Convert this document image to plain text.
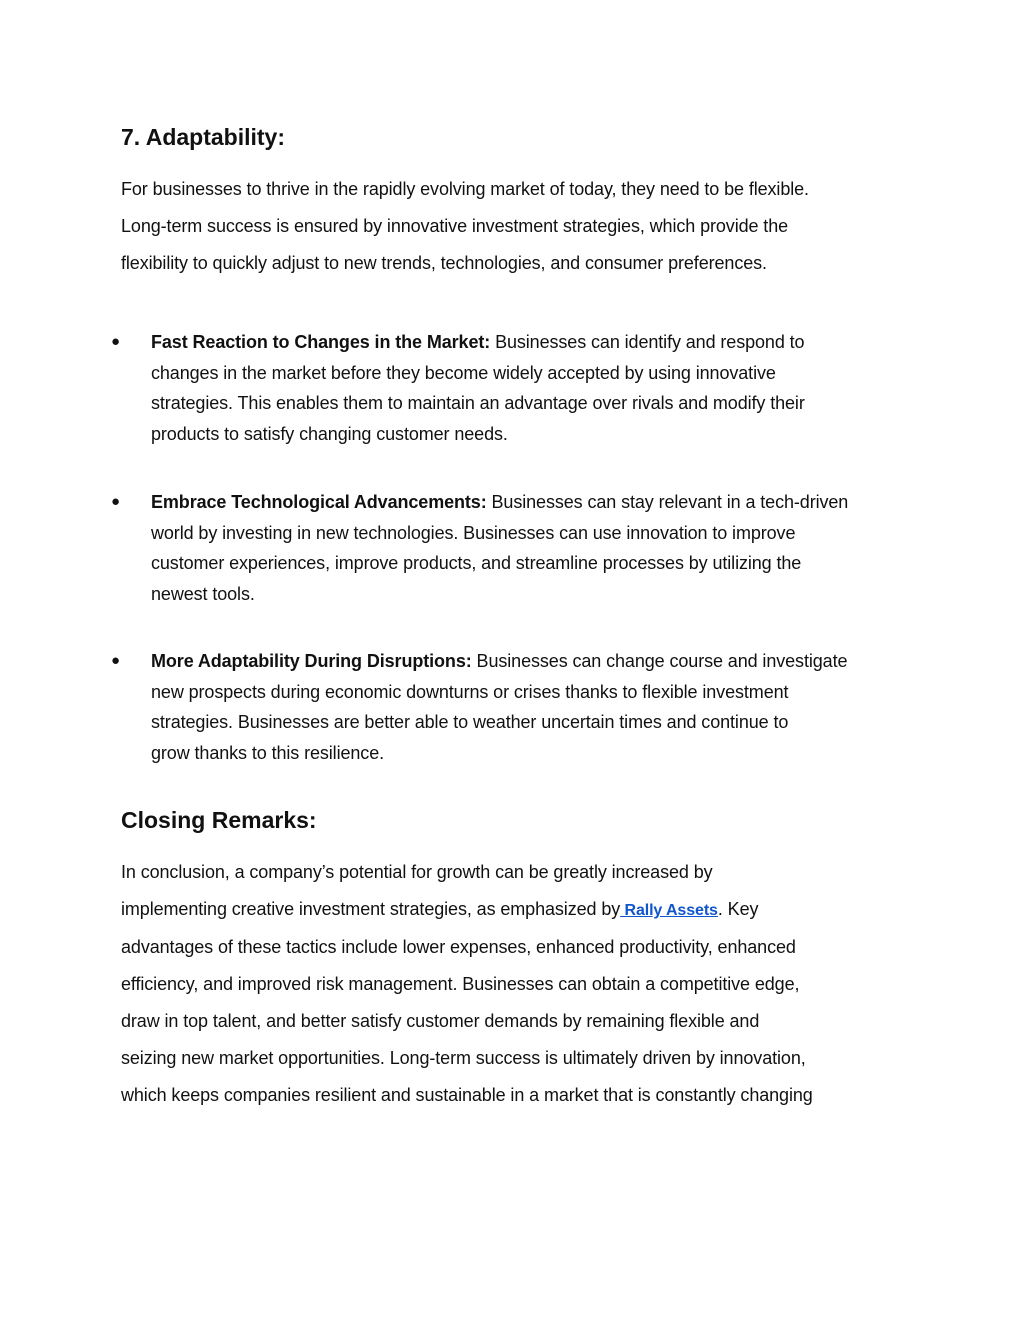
7. Adaptability:

For businesses to thrive in the rapidly evolving market of today, they need to be flexible.
Long-term success is ensured by innovative investment strategies, which provide the
flexibility to quickly adjust to new trends, technologies, and consumer preferences.

●	Fast Reaction to Changes in the Market: Businesses can identify and respond to
changes in the market before they become widely accepted by using innovative
strategies. This enables them to maintain an advantage over rivals and modify their
products to satisfy changing customer needs.
●	Embrace Technological Advancements: Businesses can stay relevant in a tech-driven
world by investing in new technologies. Businesses can use innovation to improve
customer experiences, improve products, and streamline processes by utilizing the
newest tools.
●	More Adaptability During Disruptions: Businesses can change course and investigate
new prospects during economic downturns or crises thanks to flexible investment
strategies. Businesses are better able to weather uncertain times and continue to
grow thanks to this resilience.
Closing Remarks:

In conclusion, a company’s potential for growth can be greatly increased by
implementing creative investment strategies, as emphasized by Rally Assets. Key
advantages of these tactics include lower expenses, enhanced productivity, enhanced
efficiency, and improved risk management. Businesses can obtain a competitive edge,
draw in top talent, and better satisfy customer demands by remaining flexible and
seizing new market opportunities. Long-term success is ultimately driven by innovation,
which keeps companies resilient and sustainable in a market that is constantly changing
